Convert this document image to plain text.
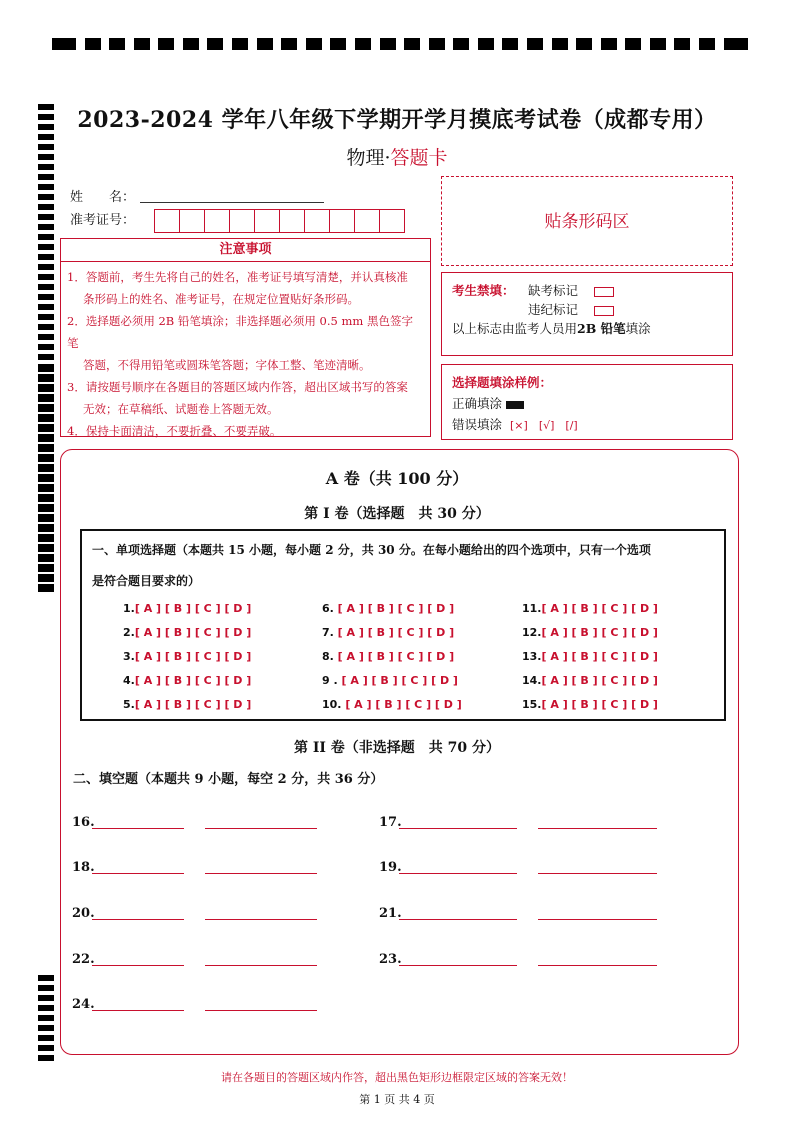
2023-2024 学年八年级下学期开学月摸底考试卷（成都专用）
物理·答题卡
姓　　名：
准考证号：	贴条形码区
注意事项
1．答题前，考生先将自己的姓名，准考证号填写清楚，并认真核准
条形码上的姓名、准考证号，在规定位置贴好条形码。
2．选择题必须用 2B 铅笔填涂；非选择题必须用 0.5 mm 黑色签字笔
答题，不得用铅笔或圆珠笔答题；字体工整、笔迹清晰。
3．请按题号顺序在各题目的答题区域内作答，超出区域书写的答案
无效；在草稿纸、试题卷上答题无效。
4．保持卡面清洁，不要折叠、不要弄破。
考生禁填： 缺考标记
违纪标记
以上标志由监考人员用2B 铅笔填涂
选择题填涂样例：
正确填涂
错误填涂 [×]　[√]　[/]
A 卷（共 100 分）
第 I 卷（选择题　共 30 分）
一、单项选择题（本题共 15 小题，每小题 2 分，共 30 分。在每小题给出的四个选项中，只有一个选项
是符合题目要求的）
1.[ A ] [ B ] [ C ] [ D ]
2.[ A ] [ B ] [ C ] [ D ]
3.[ A ] [ B ] [ C ] [ D ]
4.[ A ] [ B ] [ C ] [ D ]
5.[ A ] [ B ] [ C ] [ D ]
6. [ A ] [ B ] [ C ] [ D ]
7. [ A ] [ B ] [ C ] [ D ]
8. [ A ] [ B ] [ C ] [ D ]
9 . [ A ] [ B ] [ C ] [ D ]
10. [ A ] [ B ] [ C ] [ D ]
11.[ A ] [ B ] [ C ] [ D ]
12.[ A ] [ B ] [ C ] [ D ]
13.[ A ] [ B ] [ C ] [ D ]
14.[ A ] [ B ] [ C ] [ D ]
15.[ A ] [ B ] [ C ] [ D ]
第 II 卷（非选择题　共 70 分）
二、填空题（本题共 9 小题，每空 2 分，共 36 分）
16.
18.
20.
22.
24.
17.
19.
21.
23.
请在各题目的答题区域内作答，超出黑色矩形边框限定区域的答案无效！
第 1 页 共 4 页
